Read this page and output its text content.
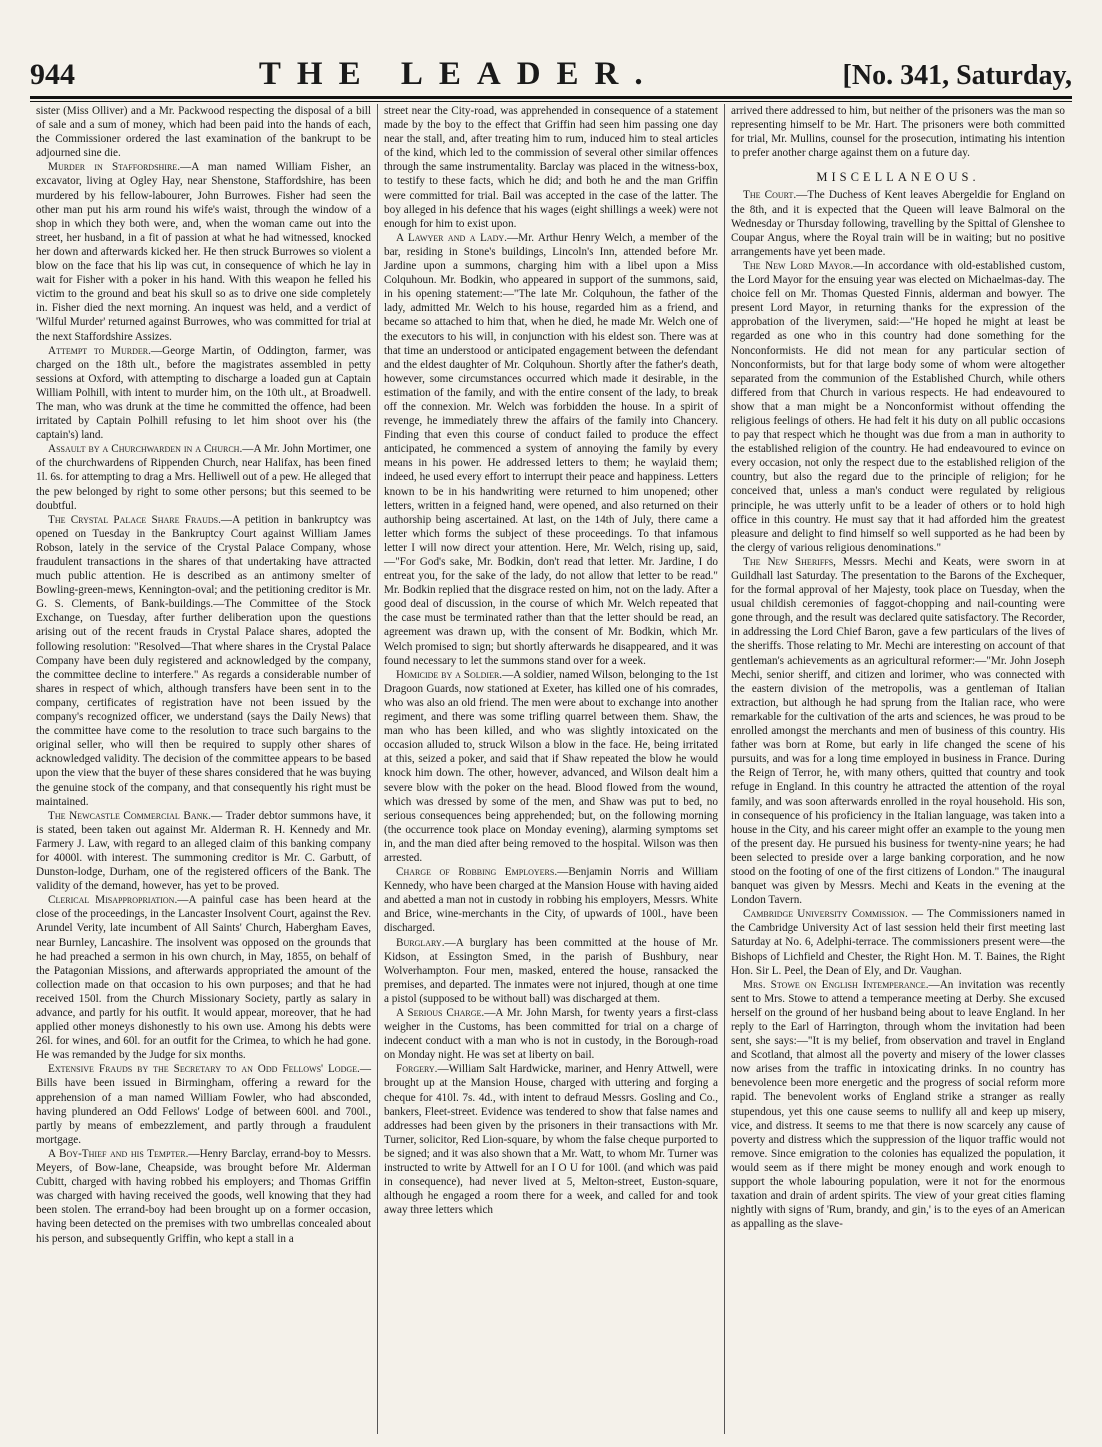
944	THE LEADER.	[No. 341, Saturday,

sister (Miss Olliver) and a Mr. Packwood respecting the disposal of a bill of sale and a sum of money, which had been paid into the hands of each, the Commissioner ordered the last examination of the bankrupt to be adjourned sine die.

Murder in Staffordshire.—A man named William Fisher, an excavator, living at Ogley Hay, near Shenstone, Staffordshire, has been murdered by his fellow-labourer, John Burrowes. Fisher had seen the other man put his arm round his wife's waist, through the window of a shop in which they both were, and, when the woman came out into the street, her husband, in a fit of passion at what he had witnessed, knocked her down and afterwards kicked her. He then struck Burrowes so violent a blow on the face that his lip was cut, in consequence of which he lay in wait for Fisher with a poker in his hand. With this weapon he felled his victim to the ground and beat his skull so as to drive one side completely in. Fisher died the next morning. An inquest was held, and a verdict of 'Wilful Murder' returned against Burrowes, who was committed for trial at the next Staffordshire Assizes.

Attempt to Murder.—George Martin, of Oddington, farmer, was charged on the 18th ult., before the magistrates assembled in petty sessions at Oxford, with attempting to discharge a loaded gun at Captain William Polhill, with intent to murder him, on the 10th ult., at Broadwell. The man, who was drunk at the time he committed the offence, had been irritated by Captain Polhill refusing to let him shoot over his (the captain's) land.

Assault by a Churchwarden in a Church.—A Mr. John Mortimer, one of the churchwardens of Rippenden Church, near Halifax, has been fined 1l. 6s. for attempting to drag a Mrs. Helliwell out of a pew. He alleged that the pew belonged by right to some other persons; but this seemed to be doubtful.

The Crystal Palace Share Frauds.—A petition in bankruptcy was opened on Tuesday in the Bankruptcy Court against William James Robson, lately in the service of the Crystal Palace Company, whose fraudulent transactions in the shares of that undertaking have attracted much public attention. He is described as an antimony smelter of Bowling-green-mews, Kennington-oval; and the petitioning creditor is Mr. G. S. Clements, of Bank-buildings.—The Committee of the Stock Exchange, on Tuesday, after further deliberation upon the questions arising out of the recent frauds in Crystal Palace shares, adopted the following resolution: "Resolved—That where shares in the Crystal Palace Company have been duly registered and acknowledged by the company, the committee decline to interfere." As regards a considerable number of shares in respect of which, although transfers have been sent in to the company, certificates of registration have not been issued by the company's recognized officer, we understand (says the Daily News) that the committee have come to the resolution to trace such bargains to the original seller, who will then be required to supply other shares of acknowledged validity. The decision of the committee appears to be based upon the view that the buyer of these shares considered that he was buying the genuine stock of the company, and that consequently his right must be maintained.

The Newcastle Commercial Bank.— Trader debtor summons have, it is stated, been taken out against Mr. Alderman R. H. Kennedy and Mr. Farmery J. Law, with regard to an alleged claim of this banking company for 4000l. with interest. The summoning creditor is Mr. C. Garbutt, of Dunston-lodge, Durham, one of the registered officers of the Bank. The validity of the demand, however, has yet to be proved.

Clerical Misappropriation.—A painful case has been heard at the close of the proceedings, in the Lancaster Insolvent Court, against the Rev. Arundel Verity, late incumbent of All Saints' Church, Habergham Eaves, near Burnley, Lancashire. The insolvent was opposed on the grounds that he had preached a sermon in his own church, in May, 1855, on behalf of the Patagonian Missions, and afterwards appropriated the amount of the collection made on that occasion to his own purposes; and that he had received 150l. from the Church Missionary Society, partly as salary in advance, and partly for his outfit. It would appear, moreover, that he had applied other moneys dishonestly to his own use. Among his debts were 26l. for wines, and 60l. for an outfit for the Crimea, to which he had gone. He was remanded by the Judge for six months.

Extensive Frauds by the Secretary to an Odd Fellows' Lodge.—Bills have been issued in Birmingham, offering a reward for the apprehension of a man named William Fowler, who had absconded, having plundered an Odd Fellows' Lodge of between 600l. and 700l., partly by means of embezzlement, and partly through a fraudulent mortgage.

A Boy-Thief and his Tempter.—Henry Barclay, errand-boy to Messrs. Meyers, of Bow-lane, Cheapside, was brought before Mr. Alderman Cubitt, charged with having robbed his employers; and Thomas Griffin was charged with having received the goods, well knowing that they had been stolen. The errand-boy had been brought up on a former occasion, having been detected on the premises with two umbrellas concealed about his person, and subsequently Griffin, who kept a stall in a

street near the City-road, was apprehended in consequence of a statement made by the boy to the effect that Griffin had seen him passing one day near the stall, and, after treating him to rum, induced him to steal articles of the kind, which led to the commission of several other similar offences through the same instrumentality. Barclay was placed in the witness-box, to testify to these facts, which he did; and both he and the man Griffin were committed for trial. Bail was accepted in the case of the latter. The boy alleged in his defence that his wages (eight shillings a week) were not enough for him to exist upon.

A Lawyer and a Lady.—Mr. Arthur Henry Welch, a member of the bar, residing in Stone's buildings, Lincoln's Inn, attended before Mr. Jardine upon a summons, charging him with a libel upon a Miss Colquhoun. Mr. Bodkin, who appeared in support of the summons, said, in his opening statement:—"The late Mr. Colquhoun, the father of the lady, admitted Mr. Welch to his house, regarded him as a friend, and became so attached to him that, when he died, he made Mr. Welch one of the executors to his will, in conjunction with his eldest son. There was at that time an understood or anticipated engagement between the defendant and the eldest daughter of Mr. Colquhoun. Shortly after the father's death, however, some circumstances occurred which made it desirable, in the estimation of the family, and with the entire consent of the lady, to break off the connexion. Mr. Welch was forbidden the house. In a spirit of revenge, he immediately threw the affairs of the family into Chancery. Finding that even this course of conduct failed to produce the effect anticipated, he commenced a system of annoying the family by every means in his power. He addressed letters to them; he waylaid them; indeed, he used every effort to interrupt their peace and happiness. Letters known to be in his handwriting were returned to him unopened; other letters, written in a feigned hand, were opened, and also returned on their authorship being ascertained. At last, on the 14th of July, there came a letter which forms the subject of these proceedings. To that infamous letter I will now direct your attention. Here, Mr. Welch, rising up, said,—"For God's sake, Mr. Bodkin, don't read that letter. Mr. Jardine, I do entreat you, for the sake of the lady, do not allow that letter to be read." Mr. Bodkin replied that the disgrace rested on him, not on the lady. After a good deal of discussion, in the course of which Mr. Welch repeated that the case must be terminated rather than that the letter should be read, an agreement was drawn up, with the consent of Mr. Bodkin, which Mr. Welch promised to sign; but shortly afterwards he disappeared, and it was found necessary to let the summons stand over for a week.

Homicide by a Soldier.—A soldier, named Wilson, belonging to the 1st Dragoon Guards, now stationed at Exeter, has killed one of his comrades, who was also an old friend. The men were about to exchange into another regiment, and there was some trifling quarrel between them. Shaw, the man who has been killed, and who was slightly intoxicated on the occasion alluded to, struck Wilson a blow in the face. He, being irritated at this, seized a poker, and said that if Shaw repeated the blow he would knock him down. The other, however, advanced, and Wilson dealt him a severe blow with the poker on the head. Blood flowed from the wound, which was dressed by some of the men, and Shaw was put to bed, no serious consequences being apprehended; but, on the following morning (the occurrence took place on Monday evening), alarming symptoms set in, and the man died after being removed to the hospital. Wilson was then arrested.

Charge of Robbing Employers.—Benjamin Norris and William Kennedy, who have been charged at the Mansion House with having aided and abetted a man not in custody in robbing his employers, Messrs. White and Brice, wine-merchants in the City, of upwards of 100l., have been discharged.

Burglary.—A burglary has been committed at the house of Mr. Kidson, at Essington Smed, in the parish of Bushbury, near Wolverhampton. Four men, masked, entered the house, ransacked the premises, and departed. The inmates were not injured, though at one time a pistol (supposed to be without ball) was discharged at them.

A Serious Charge.—A Mr. John Marsh, for twenty years a first-class weigher in the Customs, has been committed for trial on a charge of indecent conduct with a man who is not in custody, in the Borough-road on Monday night. He was set at liberty on bail.

Forgery.—William Salt Hardwicke, mariner, and Henry Attwell, were brought up at the Mansion House, charged with uttering and forging a cheque for 410l. 7s. 4d., with intent to defraud Messrs. Gosling and Co., bankers, Fleet-street. Evidence was tendered to show that false names and addresses had been given by the prisoners in their transactions with Mr. Turner, solicitor, Red Lion-square, by whom the false cheque purported to be signed; and it was also shown that a Mr. Watt, to whom Mr. Turner was instructed to write by Attwell for an I O U for 100l. (and which was paid in consequence), had never lived at 5, Melton-street, Euston-square, although he engaged a room there for a week, and called for and took away three letters which

arrived there addressed to him, but neither of the prisoners was the man so representing himself to be Mr. Hart. The prisoners were both committed for trial, Mr. Mullins, counsel for the prosecution, intimating his intention to prefer another charge against them on a future day.

MISCELLANEOUS.

The Court.—The Duchess of Kent leaves Abergeldie for England on the 8th, and it is expected that the Queen will leave Balmoral on the Wednesday or Thursday following, travelling by the Spittal of Glenshee to Coupar Angus, where the Royal train will be in waiting; but no positive arrangements have yet been made.

The New Lord Mayor.—In accordance with old-established custom, the Lord Mayor for the ensuing year was elected on Michaelmas-day. The choice fell on Mr. Thomas Quested Finnis, alderman and bowyer. The present Lord Mayor, in returning thanks for the expression of the approbation of the liverymen, said:—"He hoped he might at least be regarded as one who in this country had done something for the Nonconformists. He did not mean for any particular section of Nonconformists, but for that large body some of whom were altogether separated from the communion of the Established Church, while others differed from that Church in various respects. He had endeavoured to show that a man might be a Nonconformist without offending the religious feelings of others. He had felt it his duty on all public occasions to pay that respect which he thought was due from a man in authority to the established religion of the country. He had endeavoured to evince on every occasion, not only the respect due to the established religion of the country, but also the regard due to the principle of religion; for he conceived that, unless a man's conduct were regulated by religious principle, he was utterly unfit to be a leader of others or to hold high office in this country. He must say that it had afforded him the greatest pleasure and delight to find himself so well supported as he had been by the clergy of various religious denominations."

The New Sheriffs, Messrs. Mechi and Keats, were sworn in at Guildhall last Saturday. The presentation to the Barons of the Exchequer, for the formal approval of her Majesty, took place on Tuesday, when the usual childish ceremonies of faggot-chopping and nail-counting were gone through, and the result was declared quite satisfactory. The Recorder, in addressing the Lord Chief Baron, gave a few particulars of the lives of the sheriffs. Those relating to Mr. Mechi are interesting on account of that gentleman's achievements as an agricultural reformer:—"Mr. John Joseph Mechi, senior sheriff, and citizen and lorimer, who was connected with the eastern division of the metropolis, was a gentleman of Italian extraction, but although he had sprung from the Italian race, who were remarkable for the cultivation of the arts and sciences, he was proud to be enrolled amongst the merchants and men of business of this country. His father was born at Rome, but early in life changed the scene of his pursuits, and was for a long time employed in business in France. During the Reign of Terror, he, with many others, quitted that country and took refuge in England. In this country he attracted the attention of the royal family, and was soon afterwards enrolled in the royal household. His son, in consequence of his proficiency in the Italian language, was taken into a house in the City, and his career might offer an example to the young men of the present day. He pursued his business for twenty-nine years; he had been selected to preside over a large banking corporation, and he now stood on the footing of one of the first citizens of London." The inaugural banquet was given by Messrs. Mechi and Keats in the evening at the London Tavern.

Cambridge University Commission. — The Commissioners named in the Cambridge University Act of last session held their first meeting last Saturday at No. 6, Adelphi-terrace. The commissioners present were—the Bishops of Lichfield and Chester, the Right Hon. M. T. Baines, the Right Hon. Sir L. Peel, the Dean of Ely, and Dr. Vaughan.

Mrs. Stowe on English Intemperance.—An invitation was recently sent to Mrs. Stowe to attend a temperance meeting at Derby. She excused herself on the ground of her husband being about to leave England. In her reply to the Earl of Harrington, through whom the invitation had been sent, she says:—"It is my belief, from observation and travel in England and Scotland, that almost all the poverty and misery of the lower classes now arises from the traffic in intoxicating drinks. In no country has benevolence been more energetic and the progress of social reform more rapid. The benevolent works of England strike a stranger as really stupendous, yet this one cause seems to nullify all and keep up misery, vice, and distress. It seems to me that there is now scarcely any cause of poverty and distress which the suppression of the liquor traffic would not remove. Since emigration to the colonies has equalized the population, it would seem as if there might be money enough and work enough to support the whole labouring population, were it not for the enormous taxation and drain of ardent spirits. The view of your great cities flaming nightly with signs of 'Rum, brandy, and gin,' is to the eyes of an American as appalling as the slave-
